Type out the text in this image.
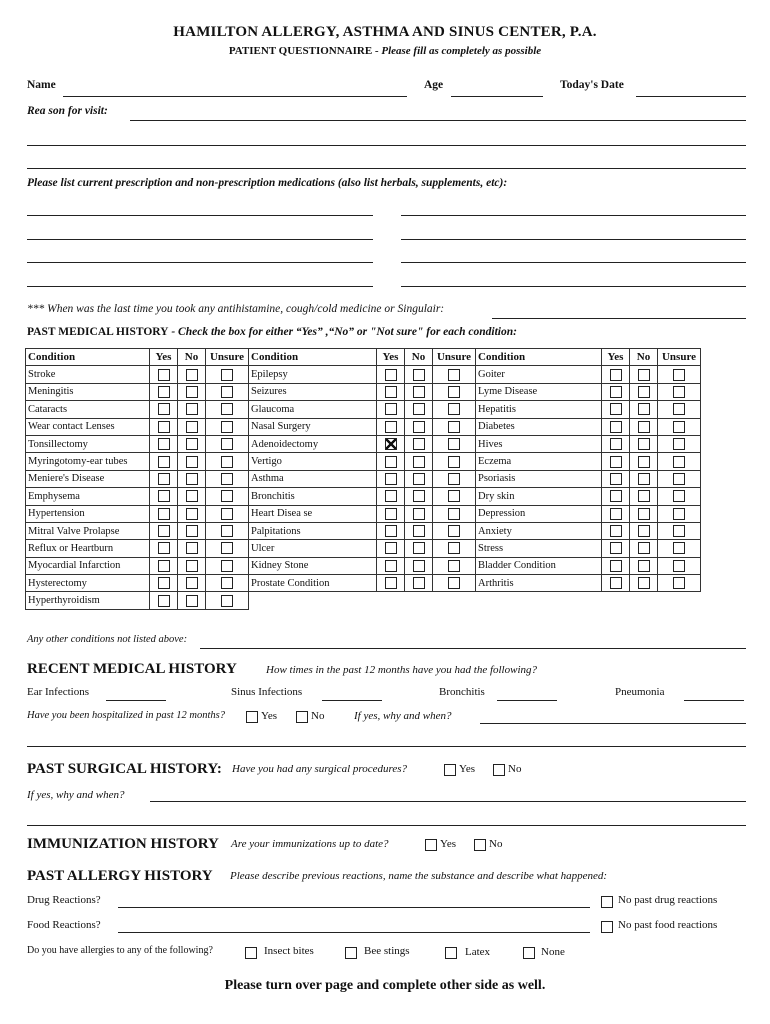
HAMILTON ALLERGY, ASTHMA AND SINUS CENTER, P.A.
PATIENT QUESTIONNAIRE - Please fill as completely as possible
Name	Age	Today's Date
Rea son for visit:
Please list current prescription and non-prescription medications (also list herbals, supplements, etc):
*** When was the last time you took any antihistamine, cough/cold medicine or Singulair:
PAST MEDICAL HISTORY - Check the box for either “Yes” ,“No” or "Not sure" for each condition:
Condition	Yes	No	Unsure	Condition	Yes	No	Unsure	Condition	Yes	No	Unsure
Stroke				Epilepsy				Goiter	

Meningitis				Seizures				Lyme Disease	

Cataracts				Glaucoma				Hepatitis	

Wear contact Lenses				Nasal Surgery				Diabetes	

Tonsillectomy				Adenoidectomy				Hives	

Myringotomy-ear tubes				Vertigo				Eczema	

Meniere's Disease				Asthma				Psoriasis	

Emphysema				Bronchitis				Dry skin	

Hypertension				Heart Disea se				Depression	

Mitral Valve Prolapse				Palpitations				Anxiety	

Reflux or Heartburn				Ulcer				Stress	

Myocardial Infarction				Kidney Stone				Bladder Condition	

Hysterectomy				Prostate Condition				Arthritis	

Hyperthyroidism	

Any other conditions not listed above:
RECENT MEDICAL HISTORY	How times in the past 12 months have you had the following?
Ear Infections	Sinus Infections	Bronchitis	Pneumonia
Have you been hospitalized in past 12 months?	Yes	No	If yes, why and when?
PAST SURGICAL HISTORY: Have you had any surgical procedures?	Yes	No
If yes, why and when?
IMMUNIZATION HISTORY Are your immunizations up to date?	Yes	No
PAST ALLERGY HISTORY Please describe previous reactions, name the substance and describe what happened:
Drug Reactions?	No past drug reactions
Food Reactions?	No past food reactions
Do you have allergies to any of the following?	Insect bites	Bee stings	Latex	None
Please turn over page and complete other side as well.
